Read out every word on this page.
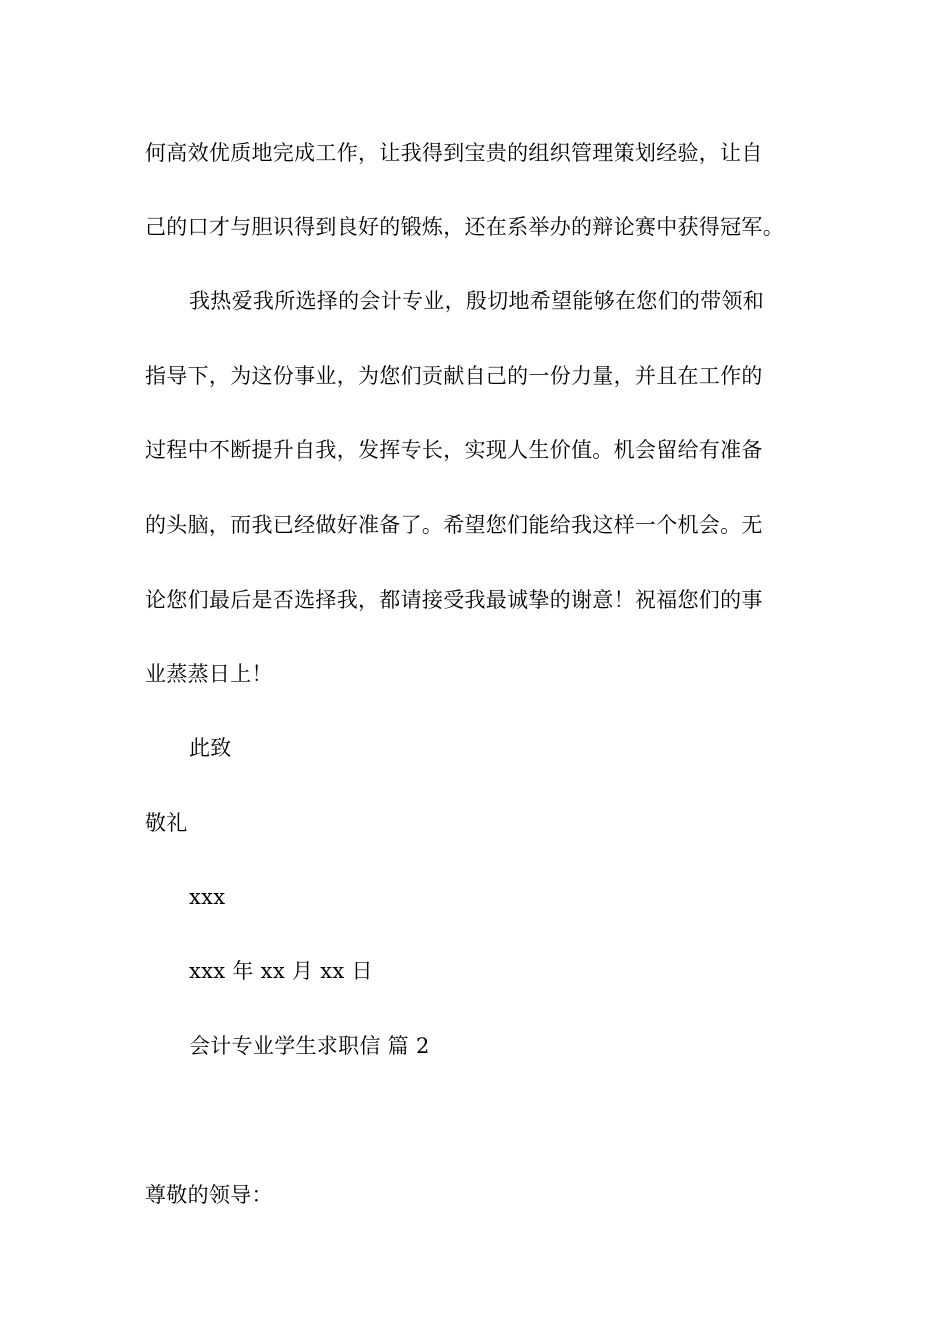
何高效优质地完成工作，让我得到宝贵的组织管理策划经验，让自
己的口才与胆识得到良好的锻炼，还在系举办的辩论赛中获得冠军。
我热爱我所选择的会计专业，殷切地希望能够在您们的带领和
指导下，为这份事业，为您们贡献自己的一份力量，并且在工作的
过程中不断提升自我，发挥专长，实现人生价值。机会留给有准备
的头脑，而我已经做好准备了。希望您们能给我这样一个机会。无
论您们最后是否选择我，都请接受我最诚挚的谢意！祝福您们的事
业蒸蒸日上！
此致
敬礼
xxx
xxx 年 xx 月 xx 日
会计专业学生求职信 篇 2
尊敬的领导：
